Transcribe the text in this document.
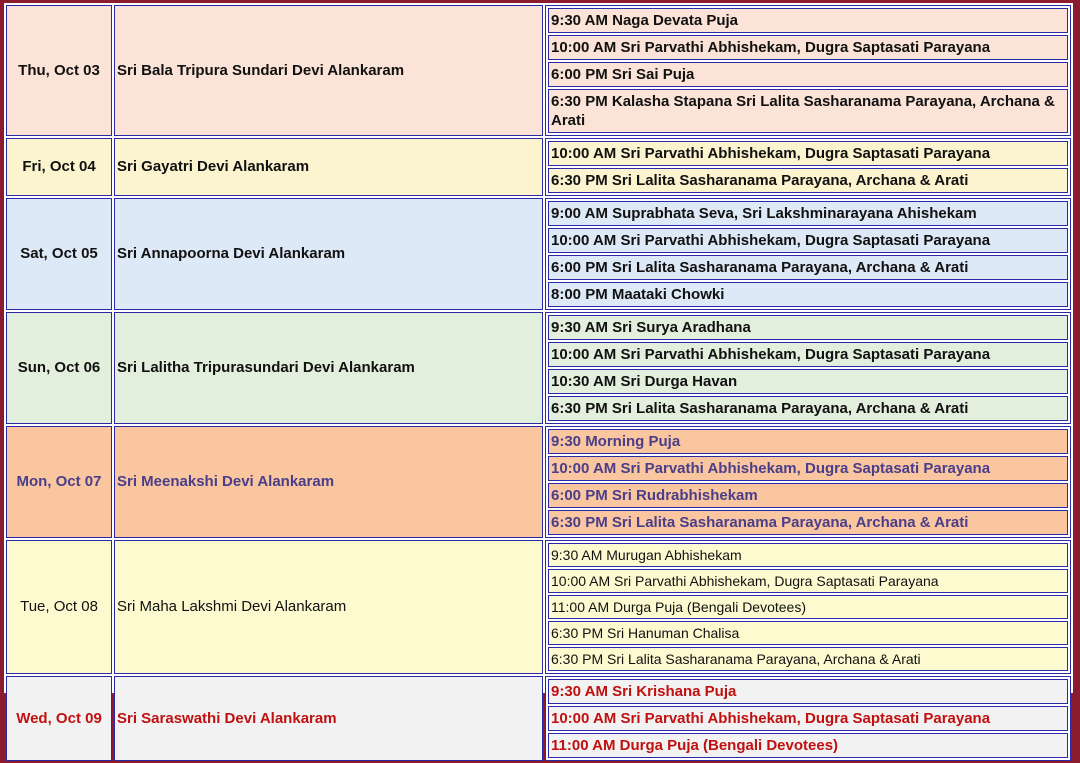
Thu, Oct 03	Sri Bala Tripura Sundari Devi Alankaram	
9:30 AM Naga Devata Puja
10:00 AM Sri Parvathi Abhishekam, Dugra Saptasati Parayana
6:00 PM Sri Sai Puja
6:30 PM Kalasha Stapana Sri Lalita Sasharanama Parayana, Archana & Arati

Fri, Oct 04	Sri Gayatri Devi Alankaram	
10:00 AM Sri Parvathi Abhishekam, Dugra Saptasati Parayana
6:30 PM Sri Lalita Sasharanama Parayana, Archana & Arati

Sat, Oct 05	Sri Annapoorna Devi Alankaram	
9:00 AM Suprabhata Seva, Sri Lakshminarayana Ahishekam
10:00 AM Sri Parvathi Abhishekam, Dugra Saptasati Parayana
6:00 PM Sri Lalita Sasharanama Parayana, Archana & Arati
8:00 PM Maataki Chowki

Sun, Oct 06	Sri Lalitha Tripurasundari Devi Alankaram	
9:30 AM Sri Surya Aradhana
10:00 AM Sri Parvathi Abhishekam, Dugra Saptasati Parayana
10:30 AM Sri Durga Havan
6:30 PM Sri Lalita Sasharanama Parayana, Archana & Arati

Mon, Oct 07	Sri Meenakshi Devi Alankaram	
9:30 Morning Puja
10:00 AM Sri Parvathi Abhishekam, Dugra Saptasati Parayana
6:00 PM Sri Rudrabhishekam
6:30 PM Sri Lalita Sasharanama Parayana, Archana & Arati

Tue, Oct 08	Sri Maha Lakshmi Devi Alankaram	
9:30 AM Murugan Abhishekam
10:00 AM Sri Parvathi Abhishekam, Dugra Saptasati Parayana
11:00 AM Durga Puja (Bengali Devotees)
6:30 PM Sri Hanuman Chalisa
6:30 PM Sri Lalita Sasharanama Parayana, Archana & Arati

Wed, Oct 09	Sri Saraswathi Devi Alankaram	
9:30 AM Sri Krishana Puja
10:00 AM Sri Parvathi Abhishekam, Dugra Saptasati Parayana
11:00 AM Durga Puja (Bengali Devotees)
